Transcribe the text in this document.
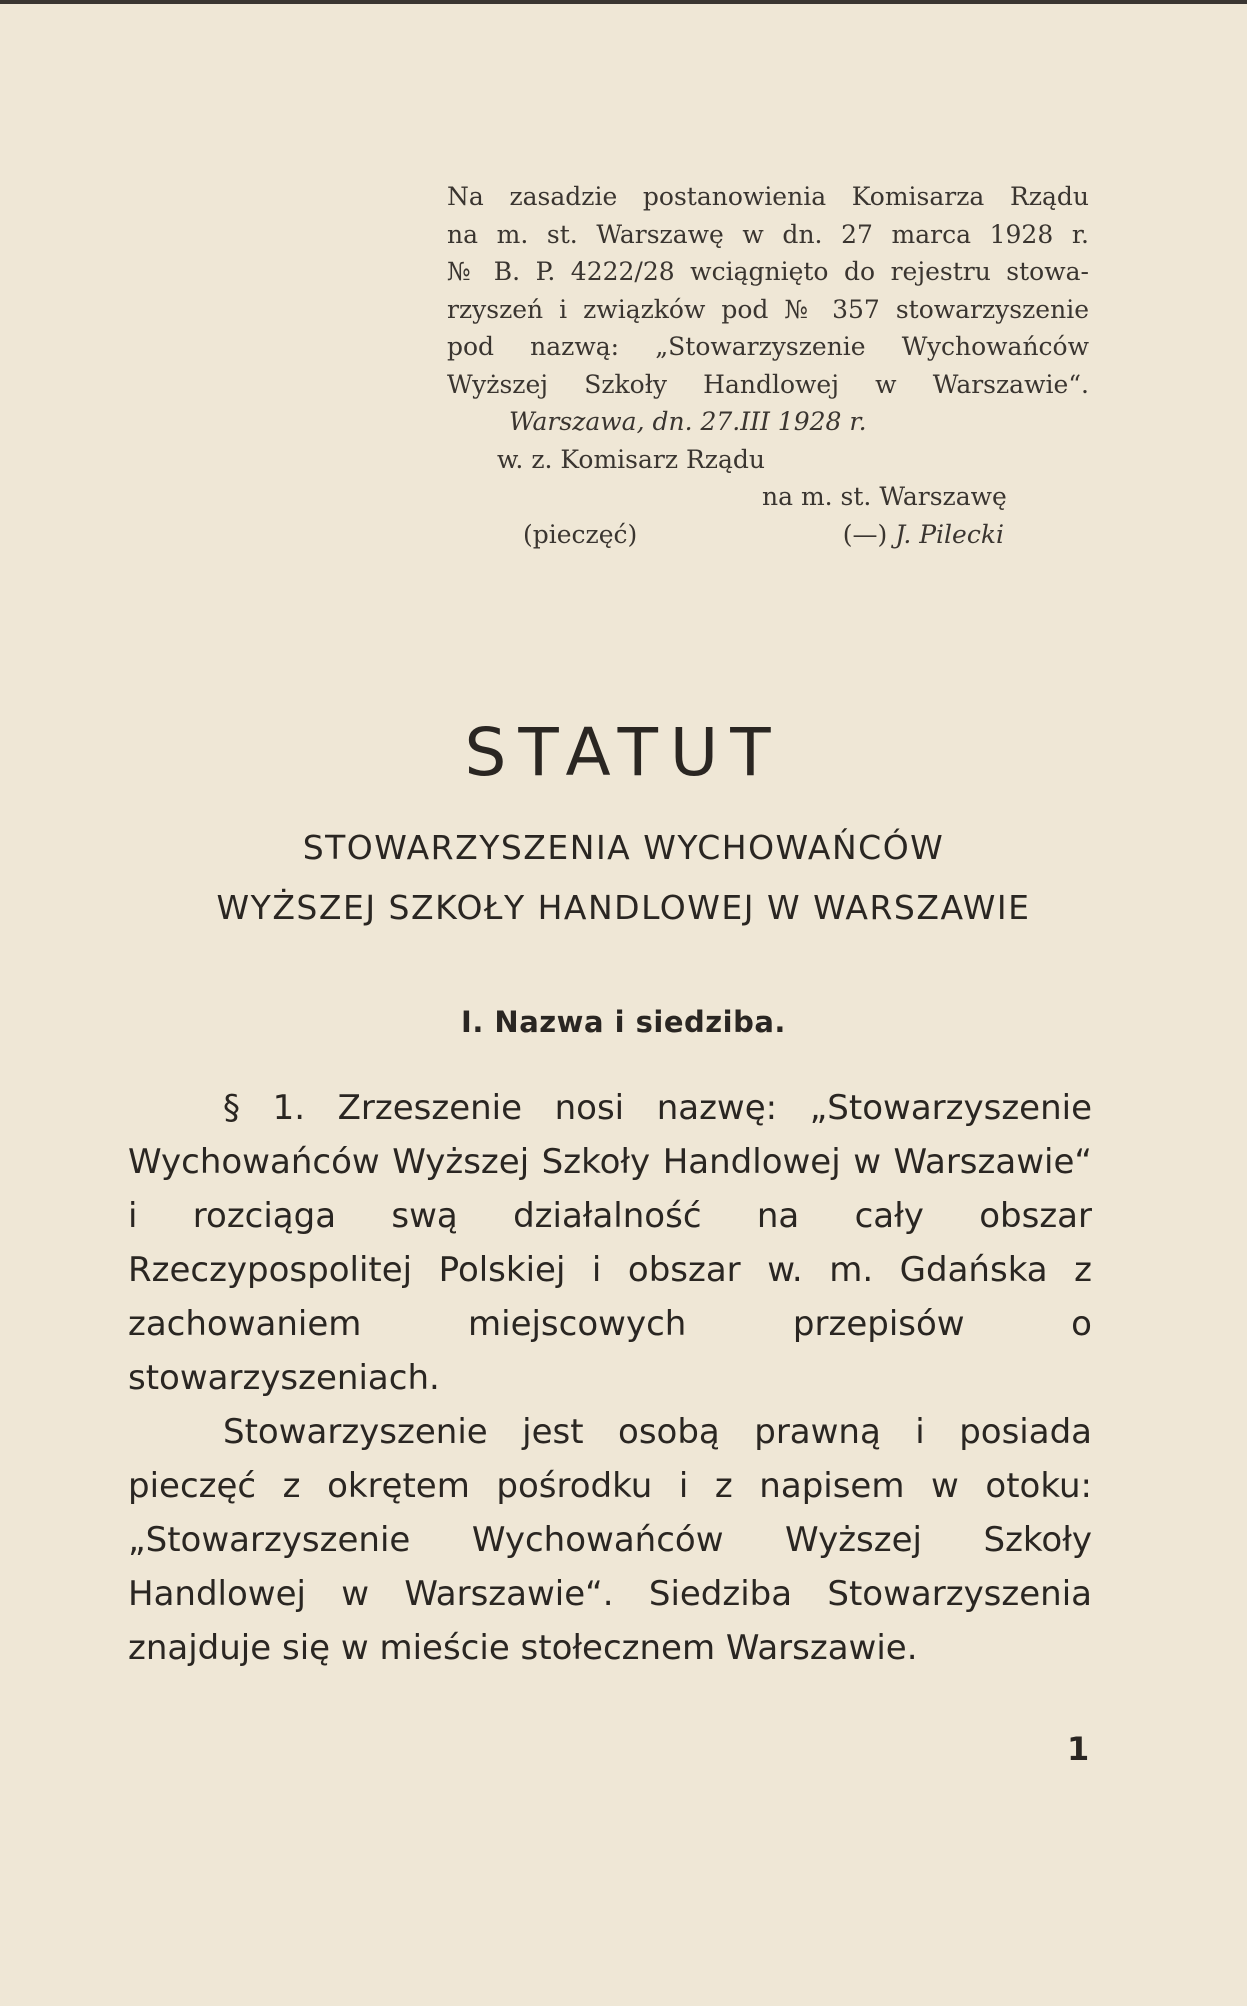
Na zasadzie postanowienia Komisarza Rządu
na m. st. Warszawę w dn. 27 marca 1928 r.
№ B. P. 4222/28 wciągnięto do rejestru stowa-
rzyszeń i związków pod № 357 stowarzyszenie
pod nazwą: „Stowarzyszenie Wychowańców
Wyższej Szkoły Handlowej w Warszawie“.
Warszawa, dn. 27.III 1928 r.
w. z. Komisarz Rządu
na m. st. Warszawę
(pieczęć)	(—) J. Pilecki
STATUT
STOWARZYSZENIA WYCHOWAŃCÓW
WYŻSZEJ SZKOŁY HANDLOWEJ W WARSZAWIE
I. Nazwa i siedziba.

§ 1. Zrzeszenie nosi nazwę: „Stowarzyszenie Wychowańców Wyższej Szkoły Handlowej w Warszawie“ i rozciąga swą działalność na cały obszar Rzeczypospolitej Polskiej i obszar w. m. Gdańska z zachowaniem miejscowych przepisów o stowarzyszeniach.

Stowarzyszenie jest osobą prawną i posiada pieczęć z okrętem pośrodku i z napisem w otoku: „Stowarzyszenie Wychowańców Wyższej Szkoły Handlowej w Warszawie“. Siedziba Stowarzyszenia znajduje się w mieście stołecznem Warszawie.

1
